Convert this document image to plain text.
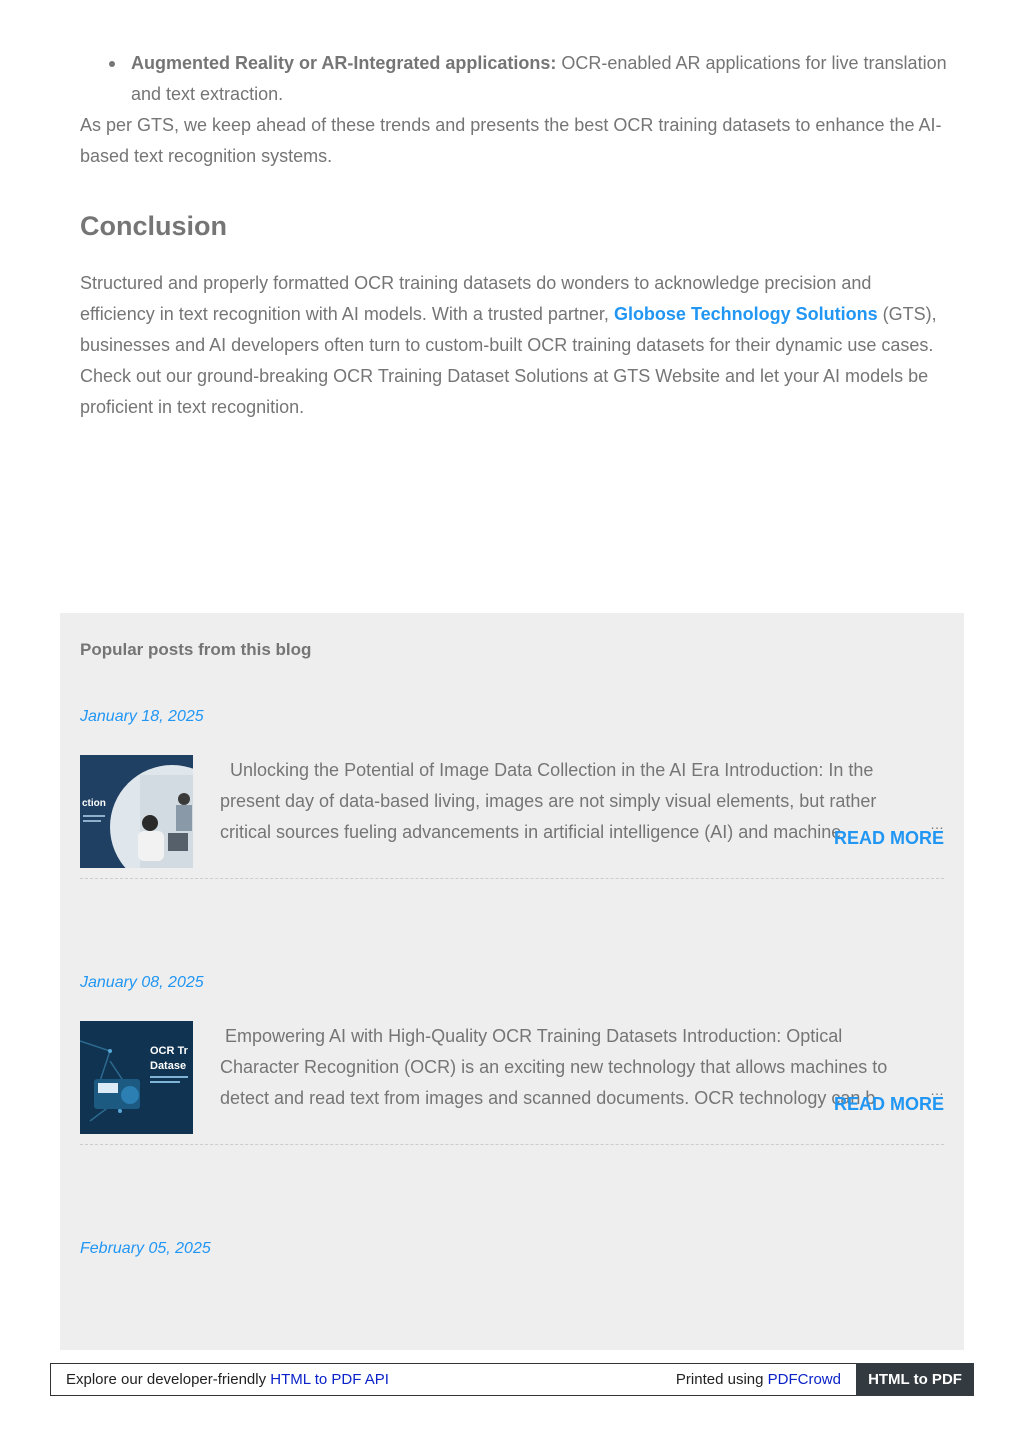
Augmented Reality or AR-Integrated applications: OCR-enabled AR applications for live translation and text extraction.

As per GTS, we keep ahead of these trends and presents the best OCR training datasets to enhance the AI-based text recognition systems.

Conclusion

Structured and properly formatted OCR training datasets do wonders to acknowledge precision and efficiency in text recognition with AI models. With a trusted partner, Globose Technology Solutions (GTS), businesses and AI developers often turn to custom-built OCR training datasets for their dynamic use cases.

Check out our ground-breaking OCR Training Dataset Solutions at GTS Website and let your AI models be proficient in text recognition.

Popular posts from this blog
January 18, 2025
ction
Unlocking the Potential of Image Data Collection in the AI Era Introduction: In the present day of data-based living, images are not simply visual elements, but rather critical sources fueling advancements in artificial intelligence (AI) and machine	…
READ MORE
January 08, 2025
OCR Tr
Datase
Empowering AI with High-Quality OCR Training Datasets Introduction: Optical Character Recognition (OCR) is an exciting new technology that allows machines to detect and read text from images and scanned documents. OCR technology can b	…
READ MORE
February 05, 2025
Explore our developer-friendly HTML to PDF API	Printed using PDFCrowd	HTML to PDF
